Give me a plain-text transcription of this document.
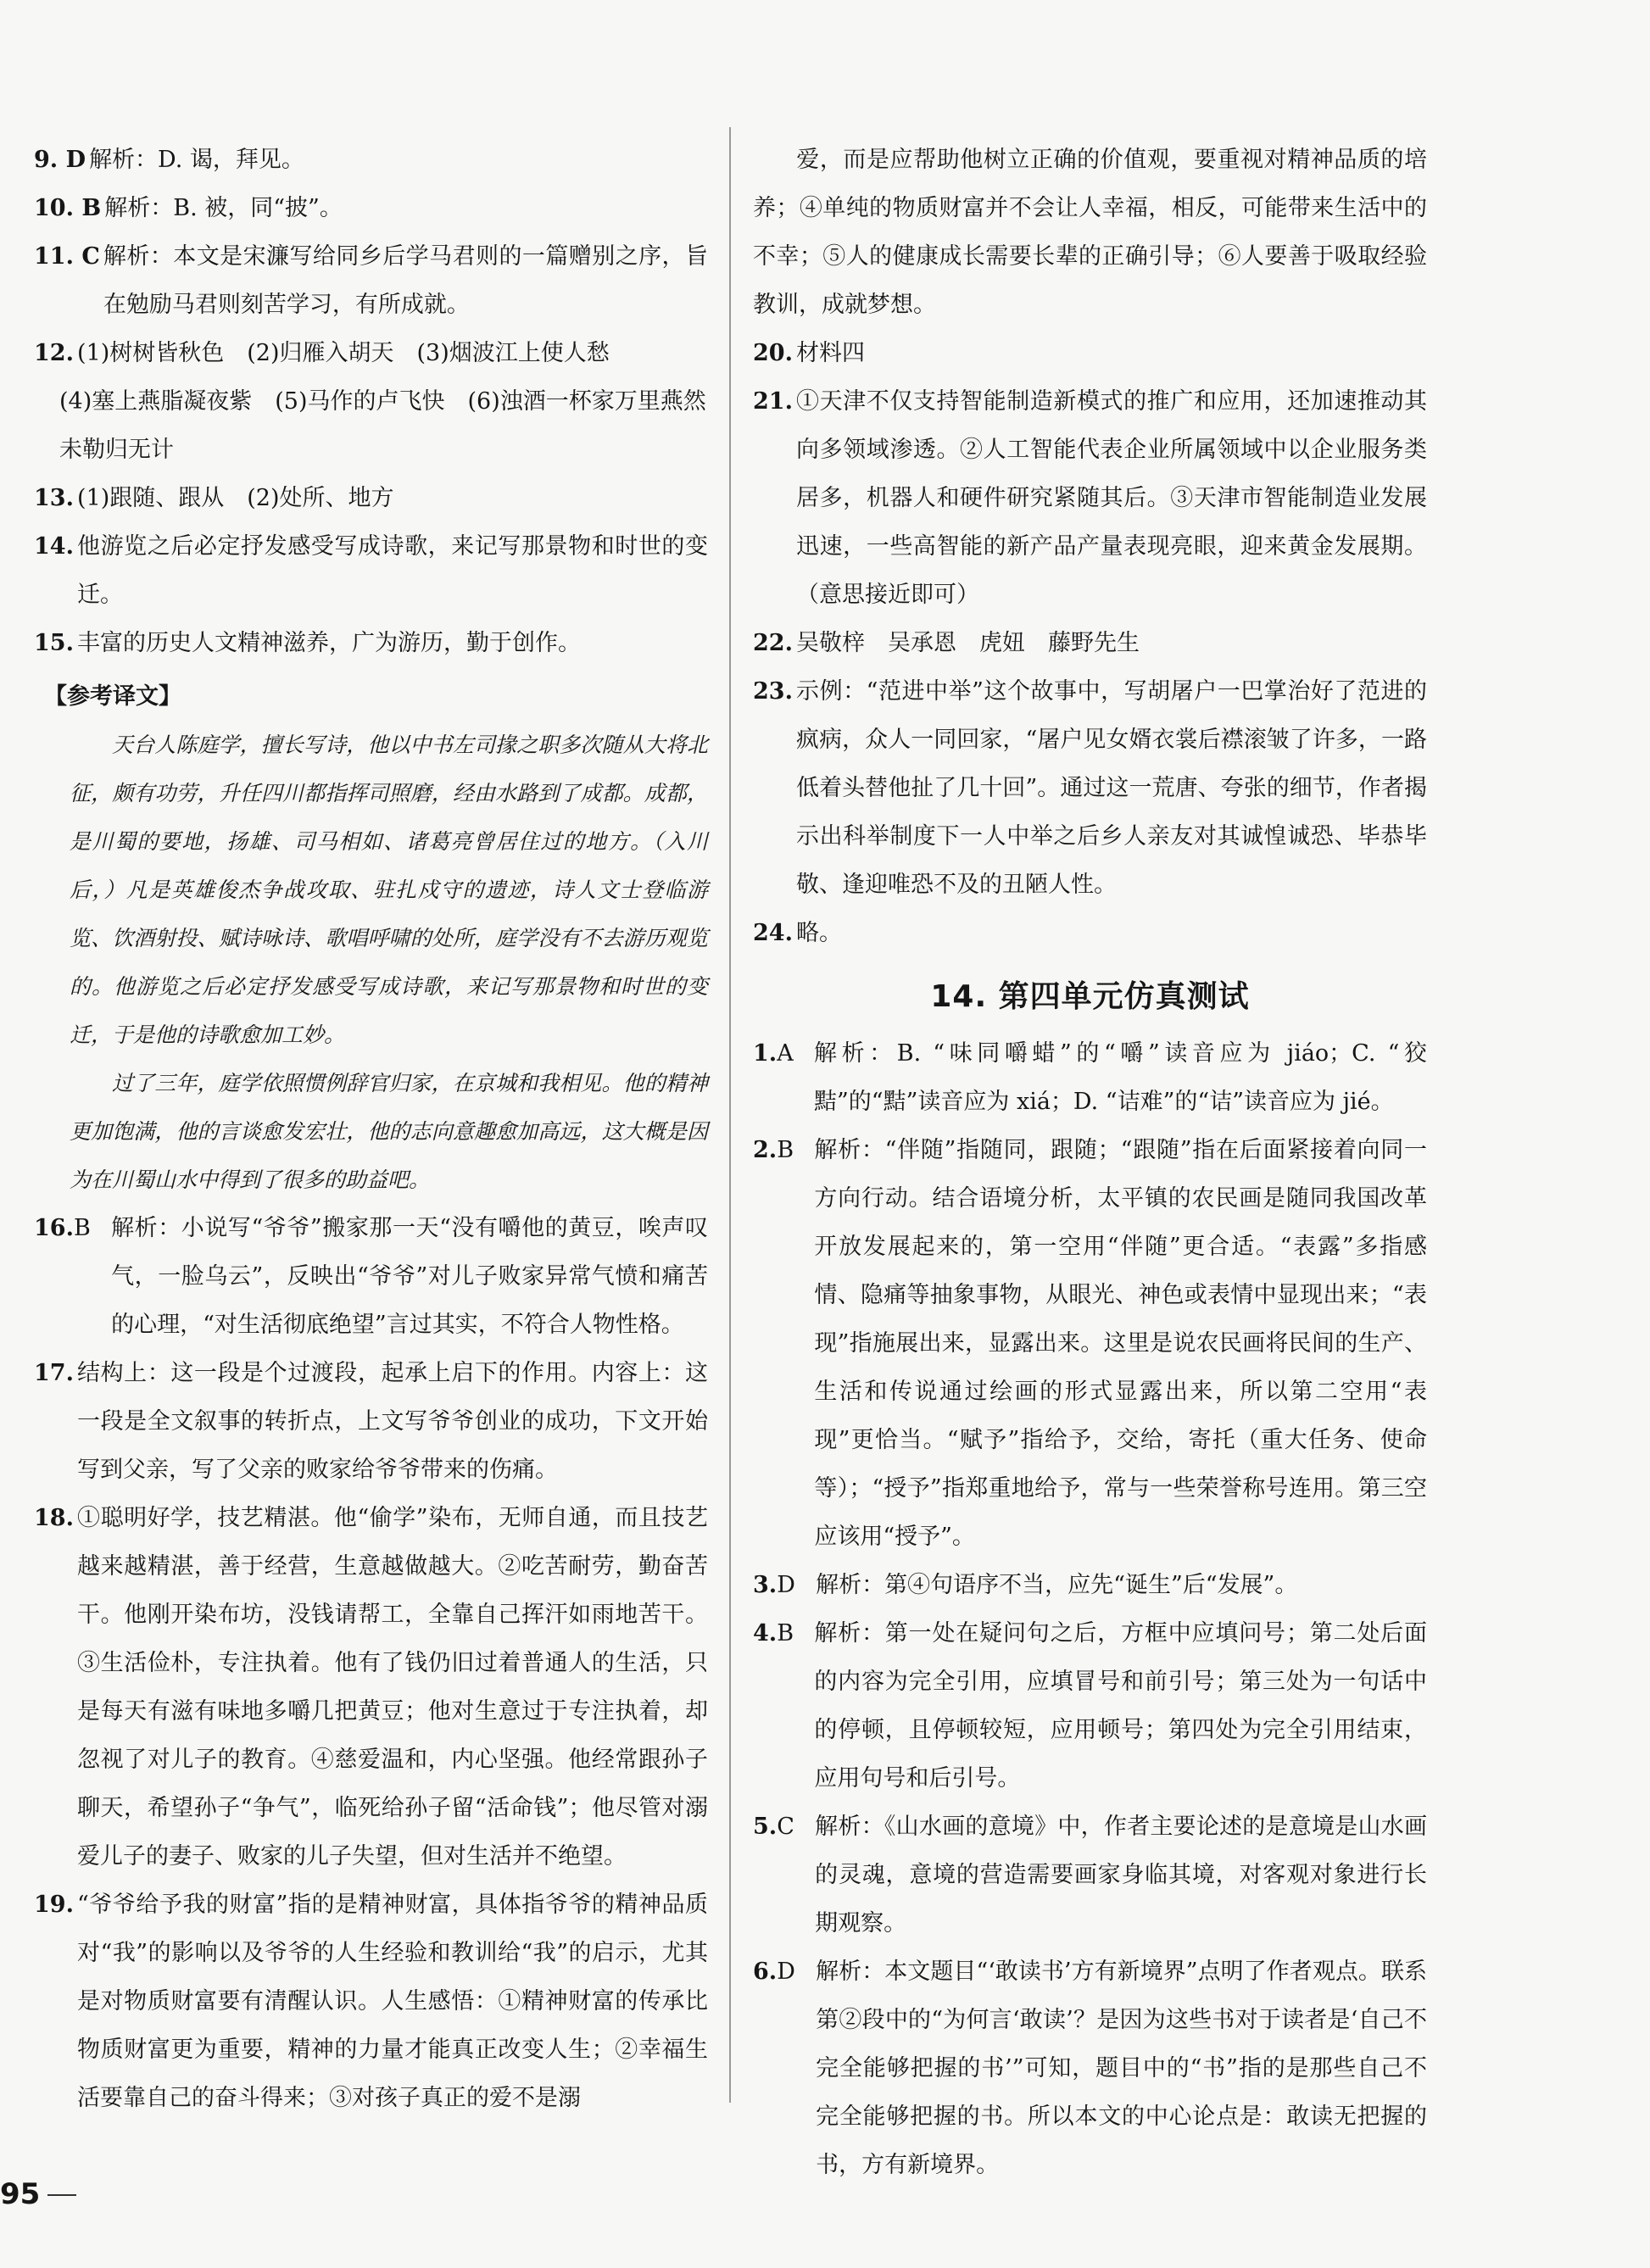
9. D 解析：D. 谒，拜见。
10. B 解析：B. 被，同“披”。
11. C 解析：本文是宋濂写给同乡后学马君则的一篇赠别之序，旨在勉励马君则刻苦学习，有所成就。
12. (1)树树皆秋色　(2)归雁入胡天　(3)烟波江上使人愁
(4)塞上燕脂凝夜紫　(5)马作的卢飞快　(6)浊酒一杯家万里燕然未勒归无计
13. (1)跟随、跟从　(2)处所、地方
14. 他游览之后必定抒发感受写成诗歌，来记写那景物和时世的变迁。
15. 丰富的历史人文精神滋养，广为游历，勤于创作。
【参考译文】
天台人陈庭学，擅长写诗，他以中书左司掾之职多次随从大将北征，颇有功劳，升任四川都指挥司照磨，经由水路到了成都。成都，是川蜀的要地，扬雄、司马相如、诸葛亮曾居住过的地方。（入川后，）凡是英雄俊杰争战攻取、驻扎戍守的遗迹，诗人文士登临游览、饮酒射投、赋诗咏诗、歌唱呼啸的处所，庭学没有不去游历观览的。他游览之后必定抒发感受写成诗歌，来记写那景物和时世的变迁，于是他的诗歌愈加工妙。
过了三年，庭学依照惯例辞官归家，在京城和我相见。他的精神更加饱满，他的言谈愈发宏壮，他的志向意趣愈加高远，这大概是因为在川蜀山水中得到了很多的助益吧。
16. B 解析：小说写“爷爷”搬家那一天“没有嚼他的黄豆，唉声叹气，一脸乌云”，反映出“爷爷”对儿子败家异常气愤和痛苦的心理，“对生活彻底绝望”言过其实，不符合人物性格。
17. 结构上：这一段是个过渡段，起承上启下的作用。内容上：这一段是全文叙事的转折点，上文写爷爷创业的成功，下文开始写到父亲，写了父亲的败家给爷爷带来的伤痛。
18. ①聪明好学，技艺精湛。他“偷学”染布，无师自通，而且技艺越来越精湛，善于经营，生意越做越大。②吃苦耐劳，勤奋苦干。他刚开染布坊，没钱请帮工，全靠自己挥汗如雨地苦干。③生活俭朴，专注执着。他有了钱仍旧过着普通人的生活，只是每天有滋有味地多嚼几把黄豆；他对生意过于专注执着，却忽视了对儿子的教育。④慈爱温和，内心坚强。他经常跟孙子聊天，希望孙子“争气”，临死给孙子留“活命钱”；他尽管对溺爱儿子的妻子、败家的儿子失望，但对生活并不绝望。
19. “爷爷给予我的财富”指的是精神财富，具体指爷爷的精神品质对“我”的影响以及爷爷的人生经验和教训给“我”的启示，尤其是对物质财富要有清醒认识。人生感悟：①精神财富的传承比物质财富更为重要，精神的力量才能真正改变人生；②幸福生活要靠自己的奋斗得来；③对孩子真正的爱不是溺
爱，而是应帮助他树立正确的价值观，要重视对精神品质的培养；④单纯的物质财富并不会让人幸福，相反，可能带来生活中的不幸；⑤人的健康成长需要长辈的正确引导；⑥人要善于吸取经验教训，成就梦想。
20. 材料四
21. ①天津不仅支持智能制造新模式的推广和应用，还加速推动其向多领域渗透。②人工智能代表企业所属领域中以企业服务类居多，机器人和硬件研究紧随其后。③天津市智能制造业发展迅速，一些高智能的新产品产量表现亮眼，迎来黄金发展期。（意思接近即可）
22. 吴敬梓　吴承恩　虎妞　藤野先生
23. 示例：“范进中举”这个故事中，写胡屠户一巴掌治好了范进的疯病，众人一同回家，“屠户见女婿衣裳后襟滚皱了许多，一路低着头替他扯了几十回”。通过这一荒唐、夸张的细节，作者揭示出科举制度下一人中举之后乡人亲友对其诚惶诚恐、毕恭毕敬、逢迎唯恐不及的丑陋人性。
24. 略。
14. 第四单元仿真测试
1. A 解析：B. “味同嚼蜡”的“嚼”读音应为 jiáo；C. “狡黠”的“黠”读音应为 xiá；D. “诘难”的“诘”读音应为 jié。
2. B 解析：“伴随”指随同，跟随；“跟随”指在后面紧接着向同一方向行动。结合语境分析，太平镇的农民画是随同我国改革开放发展起来的，第一空用“伴随”更合适。“表露”多指感情、隐痛等抽象事物，从眼光、神色或表情中显现出来；“表现”指施展出来，显露出来。这里是说农民画将民间的生产、生活和传说通过绘画的形式显露出来，所以第二空用“表现”更恰当。“赋予”指给予，交给，寄托（重大任务、使命等）；“授予”指郑重地给予，常与一些荣誉称号连用。第三空应该用“授予”。
3. D 解析：第④句语序不当，应先“诞生”后“发展”。
4. B 解析：第一处在疑问句之后，方框中应填问号；第二处后面的内容为完全引用，应填冒号和前引号；第三处为一句话中的停顿，且停顿较短，应用顿号；第四处为完全引用结束，应用句号和后引号。
5. C 解析：《山水画的意境》中，作者主要论述的是意境是山水画的灵魂，意境的营造需要画家身临其境，对客观对象进行长期观察。
6. D 解析：本文题目“‘敢读书’方有新境界”点明了作者观点。联系第②段中的“为何言‘敢读’？是因为这些书对于读者是‘自己不完全能够把握的书’”可知，题目中的“书”指的是那些自己不完全能够把握的书。所以本文的中心论点是：敢读无把握的书，方有新境界。
95
